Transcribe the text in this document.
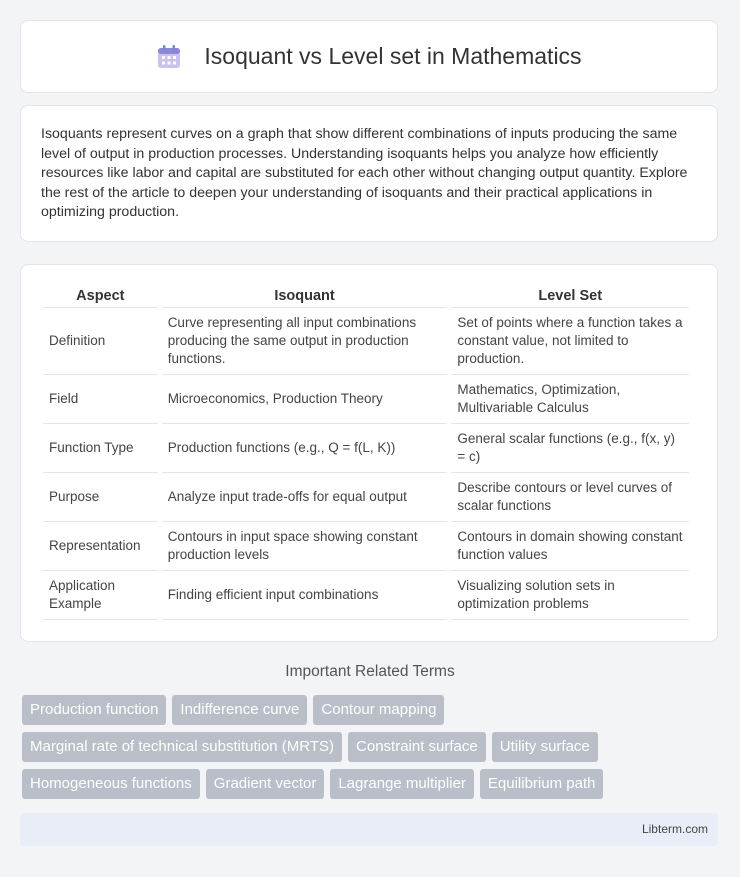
Isoquant vs Level set in Mathematics
Isoquants represent curves on a graph that show different combinations of inputs producing the same level of output in production processes. Understanding isoquants helps you analyze how efficiently resources like labor and capital are substituted for each other without changing output quantity. Explore the rest of the article to deepen your understanding of isoquants and their practical applications in optimizing production.
Aspect	Isoquant	Level Set
Definition	Curve representing all input combinations producing the same output in production functions.	Set of points where a function takes a constant value, not limited to production.
Field	Microeconomics, Production Theory	Mathematics, Optimization, Multivariable Calculus
Function Type	Production functions (e.g., Q = f(L, K))	General scalar functions (e.g., f(x, y) = c)
Purpose	Analyze input trade-offs for equal output	Describe contours or level curves of scalar functions
Representation	Contours in input space showing constant production levels	Contours in domain showing constant function values
Application Example	Finding efficient input combinations	Visualizing solution sets in optimization problems
Important Related Terms
Production function	Indifference curve	Contour mapping
Marginal rate of technical substitution (MRTS)	Constraint surface	Utility surface
Homogeneous functions	Gradient vector	Lagrange multiplier	Equilibrium path
Libterm.com
